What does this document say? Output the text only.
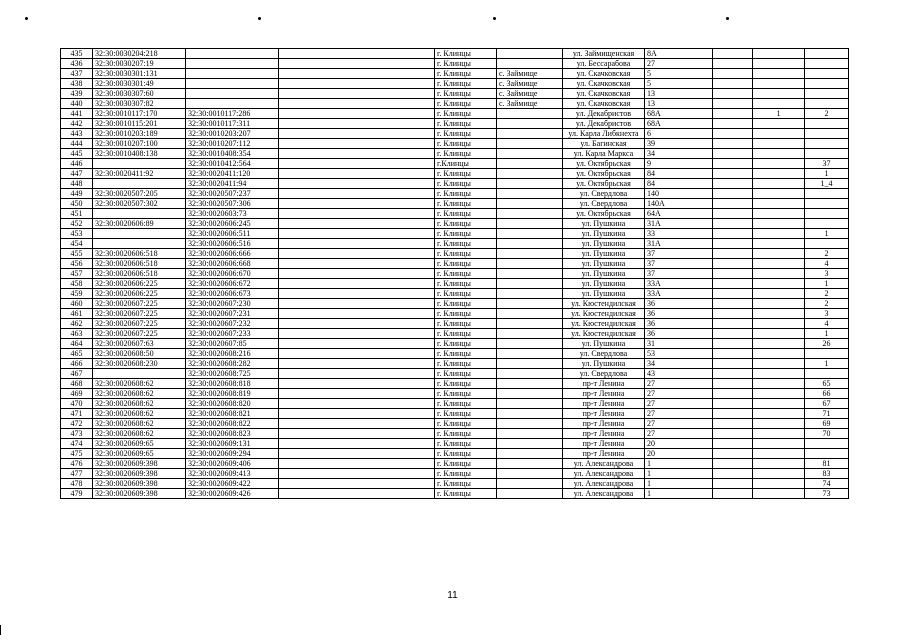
435	32:30:0030204:218			г. Клинцы		ул. Займищенская	8А			
436	32:30:0030207:19			г. Клинцы		ул. Бессарабова	27			
437	32:30:0030301:131			г. Клинцы	с. Займище	ул. Скачковская	5			
438	32:30:0030301:49			г. Клинцы	с. Займище	ул. Скачковская	5			
439	32:30:0030307:60			г. Клинцы	с. Займище	ул. Скачковская	13			
440	32:30:0030307:82			г. Клинцы	с. Займище	ул. Скачковская	13			
441	32:30:0010117:170	32:30:0010117:286		г. Клинцы		ул. Декабристов	68А		1	2
442	32:30:0010115:201	32:30:0010117:311		г. Клинцы		ул. Декабристов	68А			
443	32:30:0010203:189	32:30:0010203:207		г. Клинцы		ул. Карла Либкнехта	6			
444	32:30:0010207:100	32:30:0010207:112		г. Клинцы		ул. Багинская	39			
445	32:30:0010408:138	32:30:0010408:354		г. Клинцы		ул. Карла Маркса	34			
446		32:30:0010412:564		г.Клинцы		ул. Октябрьская	9			37
447	32:30:0020411:92	32:30:0020411:120		г. Клинцы		ул. Октябрьская	84			1
448		32:30:0020411:94		г. Клинцы		ул. Октябрьская	84			1_4
449	32:30:0020507:205	32:30:0020507:237		г. Клинцы		ул. Свердлова	140			
450	32:30:0020507:302	32:30:0020507:306		г. Клинцы		ул. Свердлова	140А			
451		32:30:0020603:73		г. Клинцы		ул. Октябрьская	64А			
452	32:30:0020606:89	32:30:0020606:245		г. Клинцы		ул. Пушкина	31А			
453		32:30:0020606:511		г. Клинцы		ул. Пушкина	33			1
454		32:30:0020606:516		г. Клинцы		ул. Пушкина	31А			
455	32:30:0020606:518	32:30:0020606:666		г. Клинцы		ул. Пушкина	37			2
456	32:30:0020606:518	32:30:0020606:668		г. Клинцы		ул. Пушкина	37			4
457	32:30:0020606:518	32:30:0020606:670		г. Клинцы		ул. Пушкина	37			3
458	32:30:0020606:225	32:30:0020606:672		г. Клинцы		ул. Пушкина	33А			1
459	32:30:0020606:225	32:30:0020606:673		г. Клинцы		ул. Пушкина	33А			2
460	32:30:0020607:225	32:30:0020607:230		г. Клинцы		ул. Кюстендилская	36			2
461	32:30:0020607:225	32:30:0020607:231		г. Клинцы		ул. Кюстендилская	36			3
462	32:30:0020607:225	32:30:0020607:232		г. Клинцы		ул. Кюстендилская	36			4
463	32:30:0020607:225	32:30:0020607:233		г. Клинцы		ул. Кюстендилская	36			1
464	32:30:0020607:63	32:30:0020607:85		г. Клинцы		ул. Пушкина	31			26
465	32:30:0020608:50	32:30:0020608:216		г. Клинцы		ул. Свердлова	53			
466	32:30:0020608:230	32:30:0020608:282		г. Клинцы		ул. Пушкина	34			1
467		32:30:0020608:725		г. Клинцы		ул. Свердлова	43			
468	32:30:0020608:62	32:30:0020608:818		г. Клинцы		пр-т Ленина	27			65
469	32:30:0020608:62	32:30:0020608:819		г. Клинцы		пр-т Ленина	27			66
470	32:30:0020608:62	32:30:0020608:820		г. Клинцы		пр-т Ленина	27			67
471	32:30:0020608:62	32:30:0020608:821		г. Клинцы		пр-т Ленина	27			71
472	32:30:0020608:62	32:30:0020608:822		г. Клинцы		пр-т Ленина	27			69
473	32:30:0020608:62	32:30:0020608:823		г. Клинцы		пр-т Ленина	27			70
474	32:30:0020609:65	32:30:0020609:131		г. Клинцы		пр-т Ленина	20			
475	32:30:0020609:65	32:30:0020609:294		г. Клинцы		пр-т Ленина	20			
476	32:30:0020609:398	32:30:0020609:406		г. Клинцы		ул. Александрова	1			81
477	32:30:0020609:398	32:30:0020609:413		г. Клинцы		ул. Александрова	1			83
478	32:30:0020609:398	32:30:0020609:422		г. Клинцы		ул. Александрова	1			74
479	32:30:0020609:398	32:30:0020609:426		г. Клинцы		ул. Александрова	1			73
11
